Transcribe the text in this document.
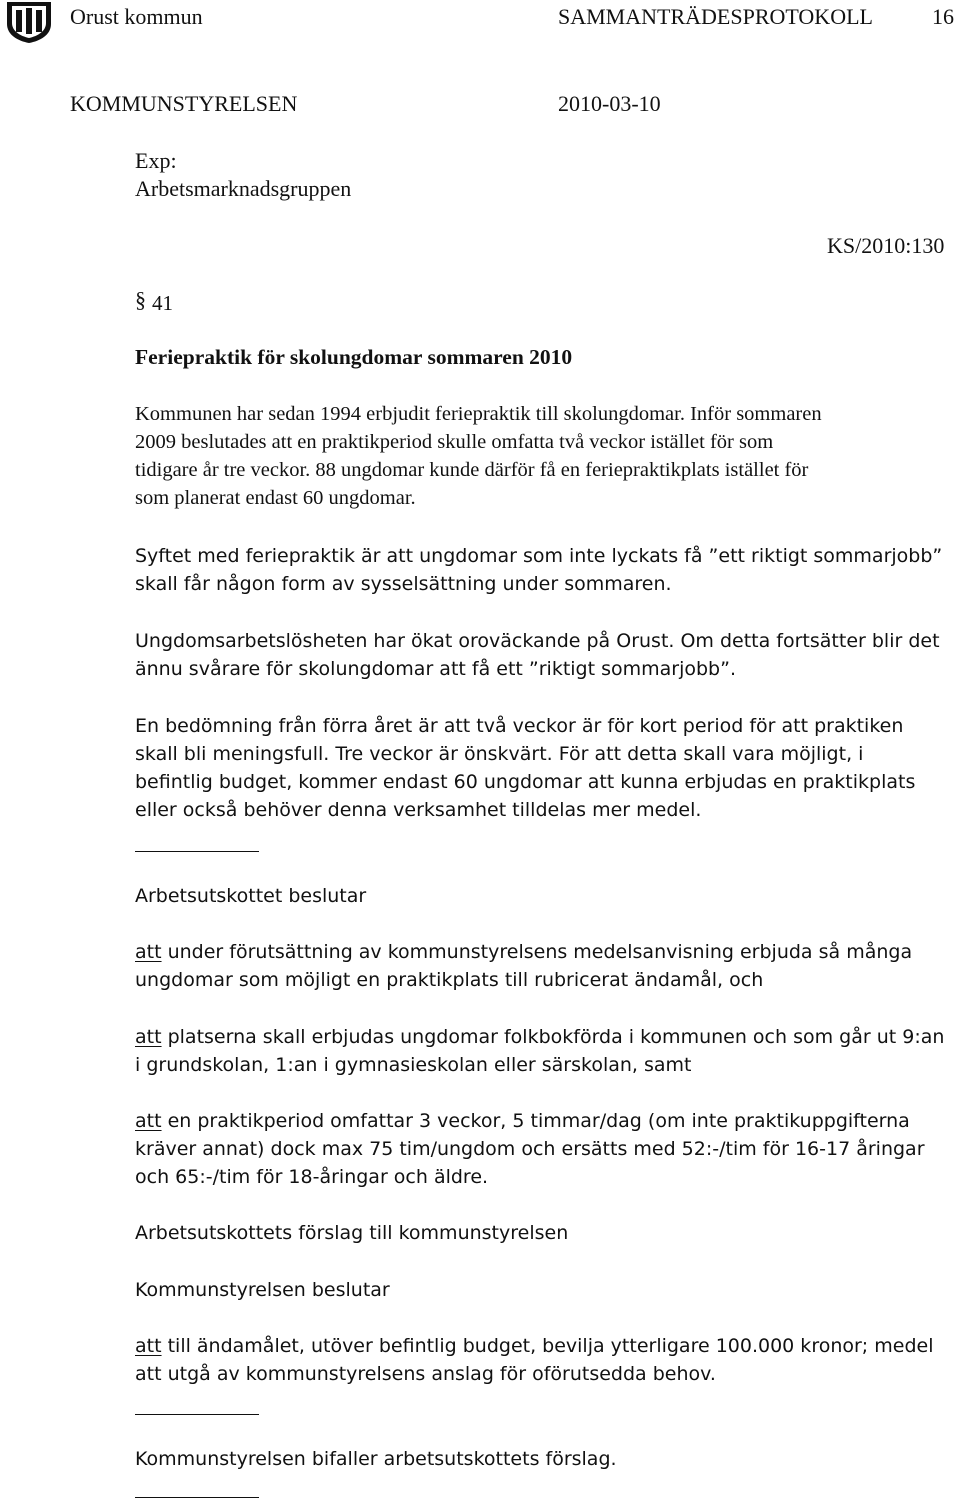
Orust kommun	SAMMANTRÄDESPROTOKOLL	16
KOMMUNSTYRELSEN	2010-03-10
Exp:
Arbetsmarknadsgruppen
KS/2010:130
§ 41
Feriepraktik för skolungdomar sommaren 2010
Kommunen har sedan 1994 erbjudit feriepraktik till skolungdomar. Inför sommaren
2009 beslutades att en praktikperiod skulle omfatta två veckor istället för som
tidigare år tre veckor. 88 ungdomar kunde därför få en feriepraktikplats istället för
som planerat endast 60 ungdomar.
Syftet med feriepraktik är att ungdomar som inte lyckats få ”ett riktigt sommarjobb”
skall får någon form av sysselsättning under sommaren.
Ungdomsarbetslösheten har ökat oroväckande på Orust. Om detta fortsätter blir det
ännu svårare för skolungdomar att få ett ”riktigt sommarjobb”.
En bedömning från förra året är att två veckor är för kort period för att praktiken
skall bli meningsfull. Tre veckor är önskvärt. För att detta skall vara möjligt, i
befintlig budget, kommer endast 60 ungdomar att kunna erbjudas en praktikplats
eller också behöver denna verksamhet tilldelas mer medel.
Arbetsutskottet beslutar
att under förutsättning av kommunstyrelsens medelsanvisning erbjuda så många
ungdomar som möjligt en praktikplats till rubricerat ändamål, och
att platserna skall erbjudas ungdomar folkbokförda i kommunen och som går ut 9:an
i grundskolan, 1:an i gymnasieskolan eller särskolan, samt
att en praktikperiod omfattar 3 veckor, 5 timmar/dag (om inte praktikuppgifterna
kräver annat) dock max 75 tim/ungdom och ersätts med 52:-/tim för 16-17 åringar
och 65:-/tim för 18-åringar och äldre.
Arbetsutskottets förslag till kommunstyrelsen
Kommunstyrelsen beslutar
att till ändamålet, utöver befintlig budget, bevilja ytterligare 100.000 kronor; medel
att utgå av kommunstyrelsens anslag för oförutsedda behov.
Kommunstyrelsen bifaller arbetsutskottets förslag.
